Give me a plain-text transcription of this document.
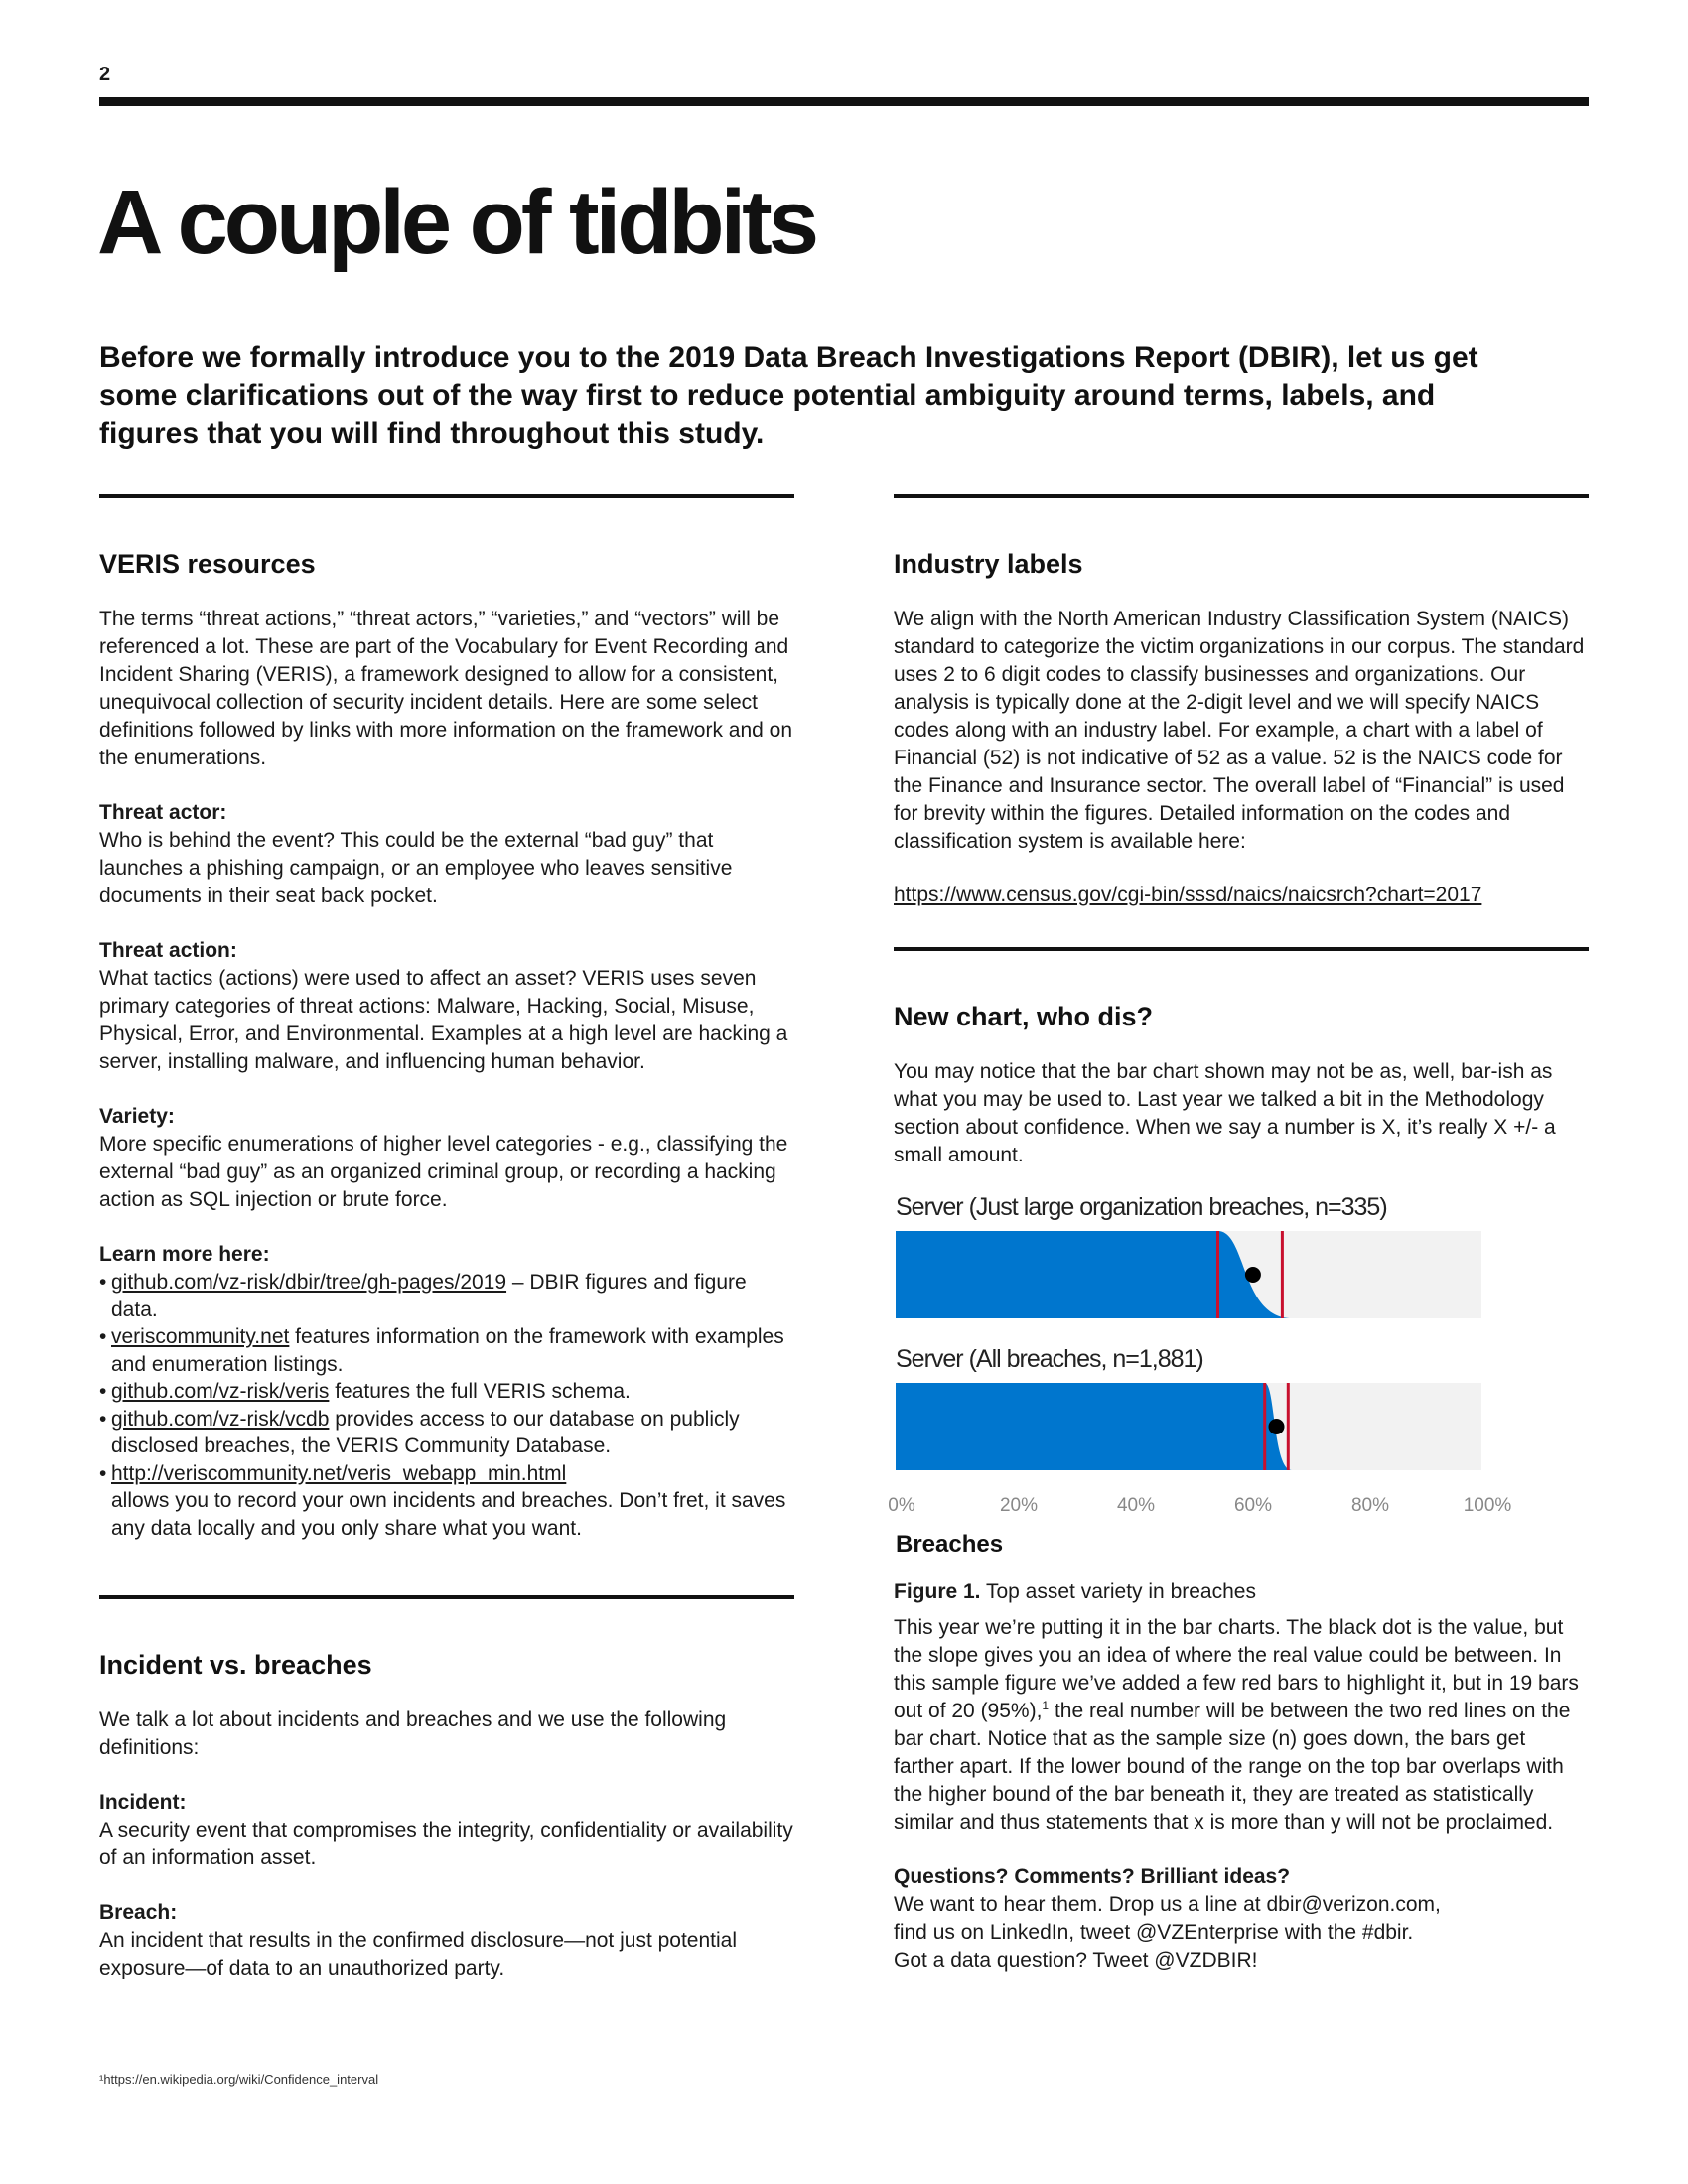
2
A couple of tidbits

Before we formally introduce you to the 2019 Data Breach Investigations Report (DBIR), let us get some clarifications out of the way first to reduce potential ambiguity around terms, labels, and figures that you will find throughout this study.

VERIS resources

The terms “threat actions,” “threat actors,” “varieties,” and “vectors” will be referenced a lot. These are part of the Vocabulary for Event Recording and Incident Sharing (VERIS), a framework designed to allow for a consistent, unequivocal collection of security incident details. Here are some select definitions followed by links with more information on the framework and on the enumerations.

Threat actor:
Who is behind the event? This could be the external “bad guy” that launches a phishing campaign, or an employee who leaves sensitive documents in their seat back pocket.

Threat action:
What tactics (actions) were used to affect an asset? VERIS uses seven primary categories of threat actions: Malware, Hacking, Social, Misuse, Physical, Error, and Environmental. Examples at a high level are hacking a server, installing malware, and influencing human behavior.

Variety:
More specific enumerations of higher level categories - e.g., classifying the external “bad guy” as an organized criminal group, or recording a hacking action as SQL injection or brute force.

Learn more here:

• github.com/vz-risk/dbir/tree/gh-pages/2019 – DBIR figures and figure data.
• veriscommunity.net features information on the framework with examples and enumeration listings.
• github.com/vz-risk/veris features the full VERIS schema.
• github.com/vz-risk/vcdb provides access to our database on publicly disclosed breaches, the VERIS Community Database.
• http://veriscommunity.net/veris_webapp_min.html
allows you to record your own incidents and breaches. Don’t fret, it saves any data locally and you only share what you want.
Incident vs. breaches

We talk a lot about incidents and breaches and we use the following definitions:

Incident:
A security event that compromises the integrity, confidentiality or availability of an information asset.

Breach:
An incident that results in the confirmed disclosure—not just potential exposure—of data to an unauthorized party.

Industry labels

We align with the North American Industry Classification System (NAICS) standard to categorize the victim organizations in our corpus. The standard uses 2 to 6 digit codes to classify businesses and organizations. Our analysis is typically done at the 2-digit level and we will specify NAICS codes along with an industry label. For example, a chart with a label of Financial (52) is not indicative of 52 as a value. 52 is the NAICS code for the Finance and Insurance sector. The overall label of “Financial” is used for brevity within the figures. Detailed information on the codes and classification system is available here:

https://www.census.gov/cgi-bin/sssd/naics/naicsrch?chart=2017

New chart, who dis?

You may notice that the bar chart shown may not be as, well, bar-ish as what you may be used to. Last year we talked a bit in the Methodology section about confidence. When we say a number is X, it’s really X +/- a small amount.

Server (Just large organization breaches, n=335)
Server (All breaches, n=1,881)
0%	20%	40%	60%	80%	100%
Breaches

Figure 1. Top asset variety in breaches

This year we’re putting it in the bar charts. The black dot is the value, but the slope gives you an idea of where the real value could be between. In this sample figure we’ve added a few red bars to highlight it, but in 19 bars out of 20 (95%),$^1$ the real number will be between the two red lines on the bar chart. Notice that as the sample size (n) goes down, the bars get farther apart. If the lower bound of the range on the top bar overlaps with the higher bound of the bar beneath it, they are treated as statistically similar and thus statements that x is more than y will not be proclaimed.

Questions? Comments? Brilliant ideas?
We want to hear them. Drop us a line at dbir@verizon.com,
find us on LinkedIn, tweet @VZEnterprise with the #dbir.
Got a data question? Tweet @VZDBIR!

¹https://en.wikipedia.org/wiki/Confidence_interval
